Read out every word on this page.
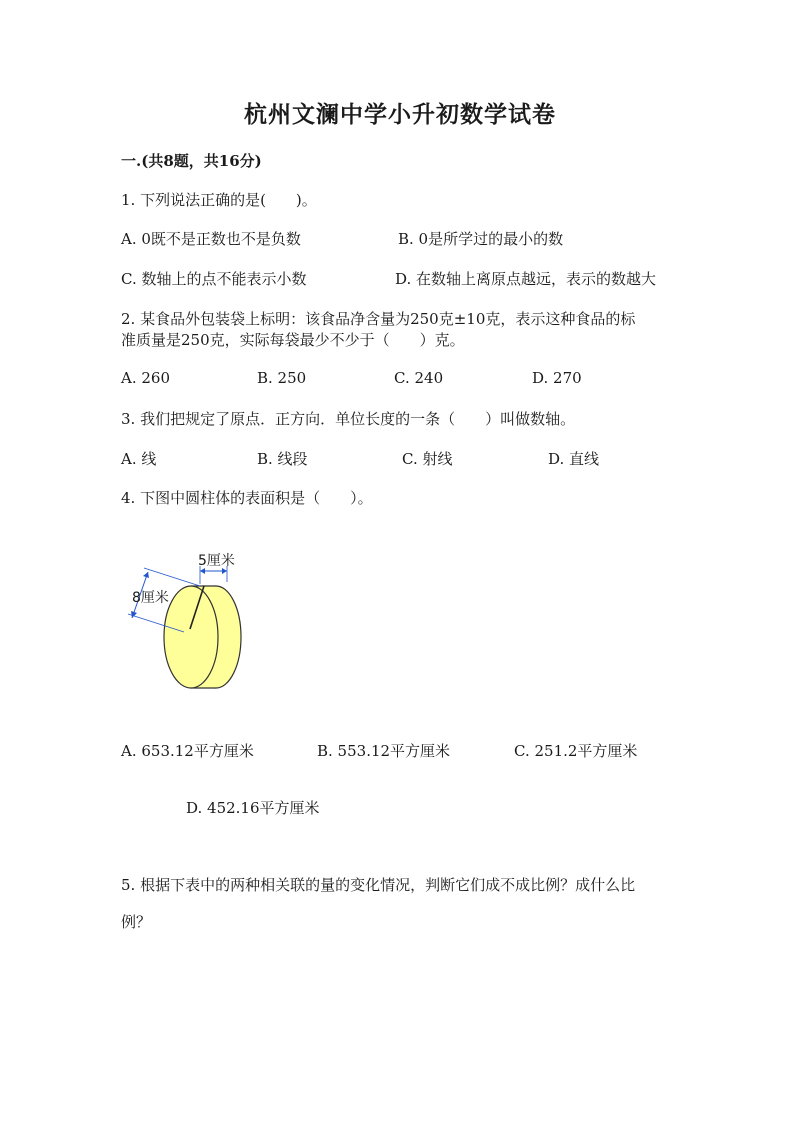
杭州文澜中学小升初数学试卷
一.(共8题，共16分)
1. 下列说法正确的是(　　)。
A. 0既不是正数也不是负数	B. 0是所学过的最小的数
C. 数轴上的点不能表示小数	D. 在数轴上离原点越远，表示的数越大
2. 某食品外包装袋上标明：该食品净含量为250克±10克，表示这种食品的标
准质量是250克，实际每袋最少不少于（　　）克。
A. 260	B. 250	C. 240	D. 270
3. 我们把规定了原点．正方向．单位长度的一条（　　）叫做数轴。
A. 线	B. 线段	C. 射线	D. 直线
4. 下图中圆柱体的表面积是（　　）。
5厘米
8厘米
A. 653.12平方厘米	B. 553.12平方厘米	C. 251.2平方厘米
D. 452.16平方厘米
5. 根据下表中的两种相关联的量的变化情况，判断它们成不成比例？成什么比
例？
